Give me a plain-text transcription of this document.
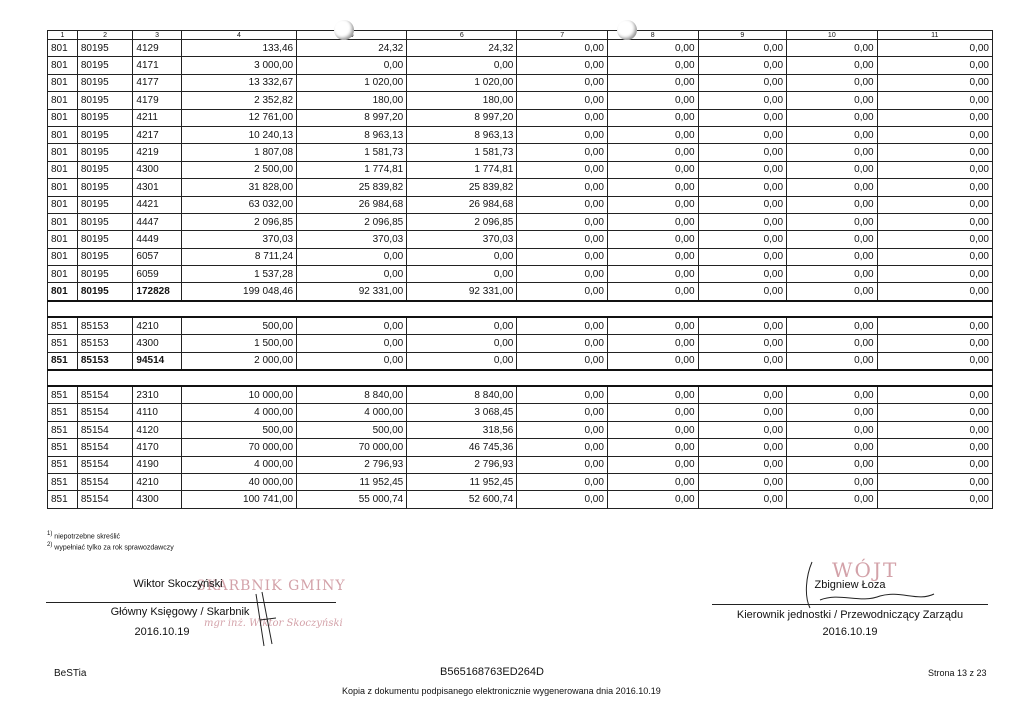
1	2	3	4		6	7	8	9	10	11
801	80195	4129	133,46	24,32	24,32	0,00	0,00	0,00	0,00	0,00
801	80195	4171	3 000,00	0,00	0,00	0,00	0,00	0,00	0,00	0,00
801	80195	4177	13 332,67	1 020,00	1 020,00	0,00	0,00	0,00	0,00	0,00
801	80195	4179	2 352,82	180,00	180,00	0,00	0,00	0,00	0,00	0,00
801	80195	4211	12 761,00	8 997,20	8 997,20	0,00	0,00	0,00	0,00	0,00
801	80195	4217	10 240,13	8 963,13	8 963,13	0,00	0,00	0,00	0,00	0,00
801	80195	4219	1 807,08	1 581,73	1 581,73	0,00	0,00	0,00	0,00	0,00
801	80195	4300	2 500,00	1 774,81	1 774,81	0,00	0,00	0,00	0,00	0,00
801	80195	4301	31 828,00	25 839,82	25 839,82	0,00	0,00	0,00	0,00	0,00
801	80195	4421	63 032,00	26 984,68	26 984,68	0,00	0,00	0,00	0,00	0,00
801	80195	4447	2 096,85	2 096,85	2 096,85	0,00	0,00	0,00	0,00	0,00
801	80195	4449	370,03	370,03	370,03	0,00	0,00	0,00	0,00	0,00
801	80195	6057	8 711,24	0,00	0,00	0,00	0,00	0,00	0,00	0,00
801	80195	6059	1 537,28	0,00	0,00	0,00	0,00	0,00	0,00	0,00
801	80195	172828	199 048,46	92 331,00	92 331,00	0,00	0,00	0,00	0,00	0,00

851	85153	4210	500,00	0,00	0,00	0,00	0,00	0,00	0,00	0,00
851	85153	4300	1 500,00	0,00	0,00	0,00	0,00	0,00	0,00	0,00
851	85153	94514	2 000,00	0,00	0,00	0,00	0,00	0,00	0,00	0,00

851	85154	2310	10 000,00	8 840,00	8 840,00	0,00	0,00	0,00	0,00	0,00
851	85154	4110	4 000,00	4 000,00	3 068,45	0,00	0,00	0,00	0,00	0,00
851	85154	4120	500,00	500,00	318,56	0,00	0,00	0,00	0,00	0,00
851	85154	4170	70 000,00	70 000,00	46 745,36	0,00	0,00	0,00	0,00	0,00
851	85154	4190	4 000,00	2 796,93	2 796,93	0,00	0,00	0,00	0,00	0,00
851	85154	4210	40 000,00	11 952,45	11 952,45	0,00	0,00	0,00	0,00	0,00
851	85154	4300	100 741,00	55 000,74	52 600,74	0,00	0,00	0,00	0,00	0,00
$^{1)}$ niepotrzebne skreślić
$^{2)}$ wypełniać tylko za rok sprawozdawczy
SKARBNIK GMINY
Wiktor Skoczyński
Główny Księgowy / Skarbnik
mgr inż. Wiktor Skoczyński
2016.10.19
WÓJT
Zbigniew Łoza
Kierownik jednostki / Przewodniczący Zarządu
2016.10.19
BeSTia	B565168763ED264D	Strona 13 z 23
Kopia z dokumentu podpisanego elektronicznie wygenerowana dnia 2016.10.19
